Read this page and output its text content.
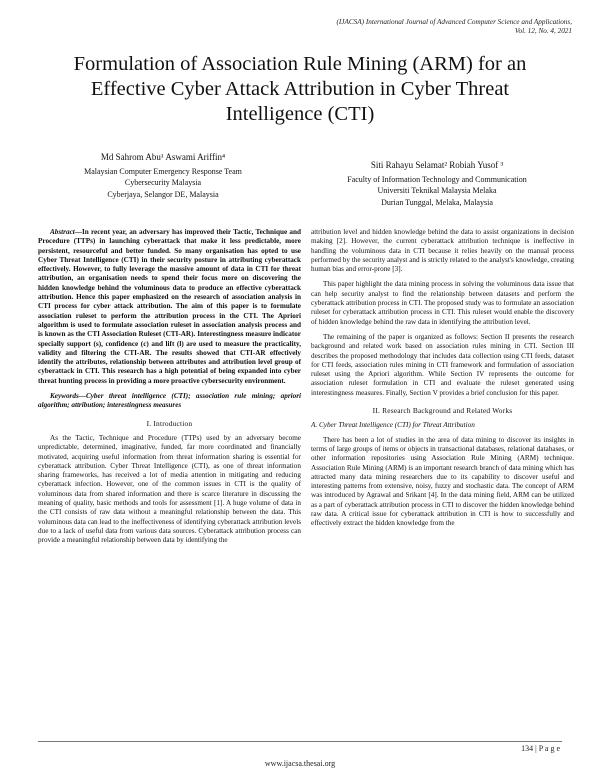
(IJACSA) International Journal of Advanced Computer Science and Applications,
Vol. 12, No. 4, 2021
Formulation of Association Rule Mining (ARM) for an Effective Cyber Attack Attribution in Cyber Threat Intelligence (CTI)
Md Sahrom Abu¹ Aswami Ariffin⁴
Malaysian Computer Emergency Response Team
Cybersecurity Malaysia
Cyberjaya, Selangor DE, Malaysia
Siti Rahayu Selamat² Robiah Yusof ³
Faculty of Information Technology and Communication
Universiti Teknikal Malaysia Melaka
Durian Tunggal, Melaka, Malaysia

Abstract—In recent year, an adversary has improved their Tactic, Technique and Procedure (TTPs) in launching cyberattack that make it less predictable, more persistent, resourceful and better funded. So many organisation has opted to use Cyber Threat Intelligence (CTI) in their security posture in attributing cyberattack effectively. However, to fully leverage the massive amount of data in CTI for threat attribution, an organisation needs to spend their focus more on discovering the hidden knowledge behind the voluminous data to produce an effective cyberattack attribution. Hence this paper emphasized on the research of association analysis in CTI process for cyber attack attribution. The aim of this paper is to formulate association ruleset to perform the attribution process in the CTI. The Apriori algorithm is used to formulate association ruleset in association analysis process and is known as the CTI Association Ruleset (CTI-AR). Interestingness measure indicator specially support (s), confidence (c) and lift (l) are used to measure the practicality, validity and filtering the CTI-AR. The results showed that CTI-AR effectively identify the attributes, relationship between attributes and attribution level group of cyberattack in CTI. This research has a high potential of being expanded into cyber threat hunting process in providing a more proactive cybersecurity environment.

Keywords—Cyber threat intelligence (CTI); association rule mining; apriori algorithm; attribution; interestingness measures

I. Introduction

As the Tactic, Technique and Procedure (TTPs) used by an adversary become unpredictable, determined, imaginative, funded, far more coordinated and financially motivated, acquiring useful information from threat information sharing is essential for cyberattack attribution. Cyber Threat Intelligence (CTI), as one of threat information sharing frameworks, has received a lot of media attention in mitigating and reducing cyberattack infection. However, one of the common issues in CTI is the quality of voluminous data from shared information and there is scarce literature in discussing the meaning of quality, basic methods and tools for assessment [1]. A huge volume of data in the CTI consists of raw data without a meaningful relationship between the data. This voluminous data can lead to the ineffectiveness of identifying cyberattack attribution levels due to a lack of useful data from various data sources. Cyberattack attribution process can provide a meaningful relationship between data by identifying the

attribution level and hidden knowledge behind the data to assist organizations in decision making [2]. However, the current cyberattack attribution technique is ineffective in handling the voluminous data in CTI because it relies heavily on the manual process performed by the security analyst and is strictly related to the analyst's knowledge, creating human bias and error-prone [3].

This paper highlight the data mining process in solving the voluminous data issue that can help security analyst to find the relationship between datasets and perform the cyberattack attribution process in CTI. The proposed study was to formulate an association ruleset for cyberattack attribution process in CTI. This ruleset would enable the discovery of hidden knowledge behind the raw data in identifying the attribution level.

The remaining of the paper is organized as follows: Section II presents the research background and related work based on association rules mining in CTI. Section III describes the proposed methodology that includes data collection using CTI feeds, dataset for CTI feeds, association rules mining in CTI framework and formulation of association ruleset using the Apriori algorithm. While Section IV represents the outcome for association ruleset formulation in CTI and evaluate the ruleset generated using interestingness measures. Finally, Section V provides a brief conclusion for this paper.

II. Research Background and Related Works
A. Cyber Threat Intelligence (CTI) for Threat Attribution

There has been a lot of studies in the area of data mining to discover its insights in terms of large groups of items or objects in transactional databases, relational databases, or other information repositories using Association Rule Mining (ARM) technique. Association Rule Mining (ARM) is an important research branch of data mining which has attracted many data mining researchers due to its capability to discover useful and interesting patterns from extensive, noisy, fuzzy and stochastic data. The concept of ARM was introduced by Agrawal and Srikant [4]. In the data mining field, ARM can be utilized as a part of cyberattack attribution process in CTI to discover the hidden knowledge behind raw data. A critical issue for cyberattack attribution in CTI is how to successfully and effectively extract the hidden knowledge from the

134 | P a g e
www.ijacsa.thesai.org
